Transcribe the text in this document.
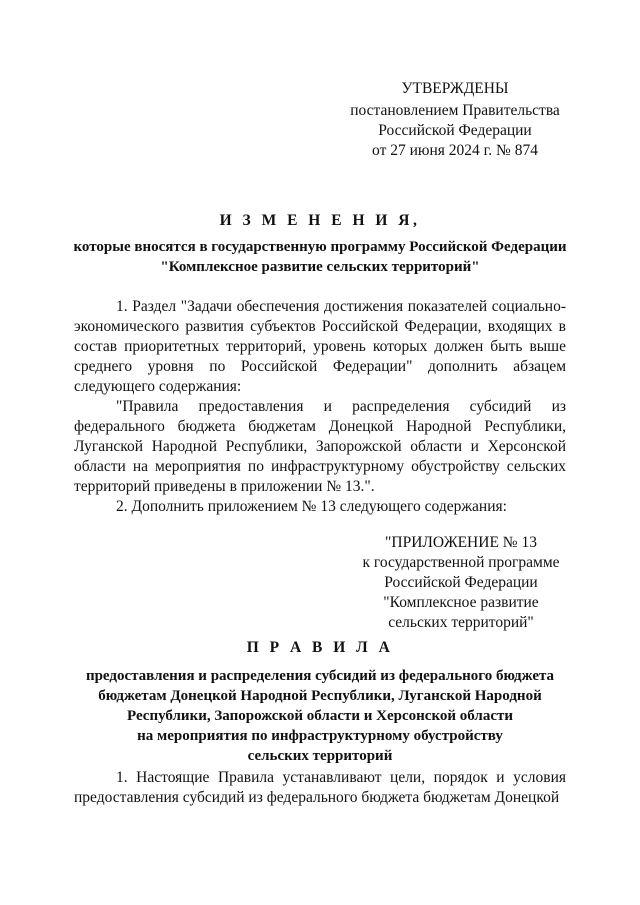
УТВЕРЖДЕНЫ
постановлением Правительства
Российской Федерации
от 27 июня 2024 г. № 874
И З М Е Н Е Н И Я,
которые вносятся в государственную программу Российской Федерации "Комплексное развитие сельских территорий"
1. Раздел "Задачи обеспечения достижения показателей социально-экономического развития субъектов Российской Федерации, входящих в состав приоритетных территорий, уровень которых должен быть выше среднего уровня по Российской Федерации" дополнить абзацем следующего содержания:
"Правила предоставления и распределения субсидий из федерального бюджета бюджетам Донецкой Народной Республики, Луганской Народной Республики, Запорожской области и Херсонской области на мероприятия по инфраструктурному обустройству сельских территорий приведены в приложении № 13.".
2. Дополнить приложением № 13 следующего содержания:
"ПРИЛОЖЕНИЕ № 13
к государственной программе
Российской Федерации
"Комплексное развитие
сельских территорий"
П Р А В И Л А
предоставления и распределения субсидий из федерального бюджета
бюджетам Донецкой Народной Республики, Луганской Народной
Республики, Запорожской области и Херсонской области
на мероприятия по инфраструктурному обустройству
сельских территорий
1. Настоящие Правила устанавливают цели, порядок и условия предоставления субсидий из федерального бюджета бюджетам Донецкой
